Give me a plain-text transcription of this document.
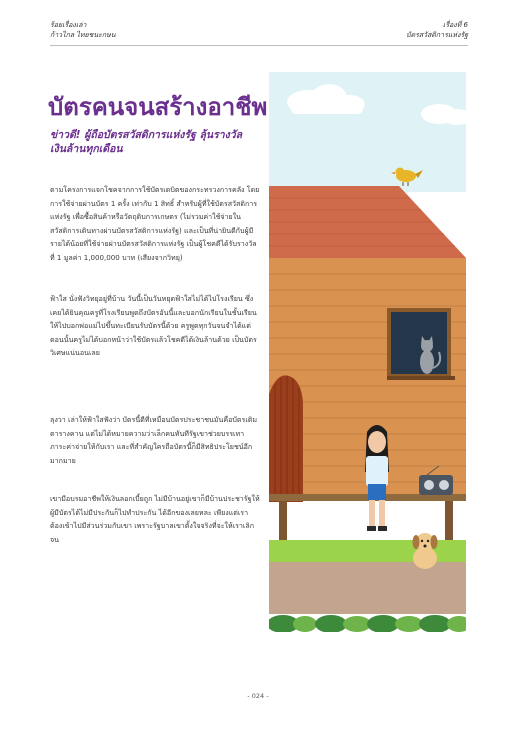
ร้อยเรื่องเล่า
ก้าวไกล ไทยชนะกษน
เรื่องที่ 6
บัตรสวัสดิการแห่งรัฐ
บัตรคนจนสร้างอาชีพ

ข่าวดี! ผู้ถือบัตรสวัสดิการแห่งรัฐ ลุ้นรางวัล เงินล้านทุกเดือน

ตามโครงการแจกโชคจากการใช้บัตรเดบิตของกระทรวงการคลัง โดยการใช้จ่ายผ่านบัตร 1 ครั้ง เท่ากับ 1 สิทธิ์ สำหรับผู้ที่ใช้บัตรสวัสดิการแห่งรัฐ เพื่อซื้อสินค้าหรือวัตถุดิบการเกษตร (ไม่รวมค่าใช้จ่ายในสวัสดิการเดินทางผ่านบัตรสวัสดิการแห่งรัฐ) และเป็นที่น่ายินดีกับผู้มีรายได้น้อยที่ใช้จ่ายผ่านบัตรสวัสดิการแห่งรัฐ เป็นผู้โชคดีได้รับรางวัลที่ 1 มูลค่า 1,000,000 บาท (เสียงจากวิทยุ)

ฟ้าใส นั่งฟังวิทยุอยู่ที่บ้าน วันนี้เป็นวันหยุดฟ้าใสไม่ได้ไปโรงเรียน ซึ่งเคยได้ยินคุณครูที่โรงเรียนพูดถึงบัตรอันนี้และบอกนักเรียนในชั้นเรียนให้ไปบอกพ่อแม่ไปขึ้นทะเบียนรับบัตรนี้ด้วย ครูพูดทุกวันจนจำได้แต่ตอนนั้นครูไม่ได้บอกหน้าว่าใช้บัตรแล้วโชคดีได้เงินล้านด้วย เป็นบัตรวิเศษแน่นอนเลย

ลุงวา เล่าให้ฟ้าใสฟังว่า บัตรนี้ดีที่เหมือนบัตรประชาชนมันคือบัตรเติมตารางคาน แต่ไม่ได้หมายความว่าเล็กคนทันทีรัฐเขาช่วยบรรเทาภาระค่าจ่ายให้กับเรา และที่สำคัญใครถือบัตรนี้ก็มีสิทธิประโยชน์อีกมากมาย

เขามีอบรมอาชีพให้เงินลอกเบี้ยถูก ไม่มีบ้านอยู่เขาก็มีบ้านประชารัฐให้ผู้มีบัตรได้ไม่มีประกันก็ไปทำประกัน ได้อีกของเลยหละ เพียงแต่เราต้องเข้าไปมีส่วนร่วมกับเขา เพราะรัฐบาลเขาตั้งใจจริงที่จะให้เราเลิกจน

- 024 -
